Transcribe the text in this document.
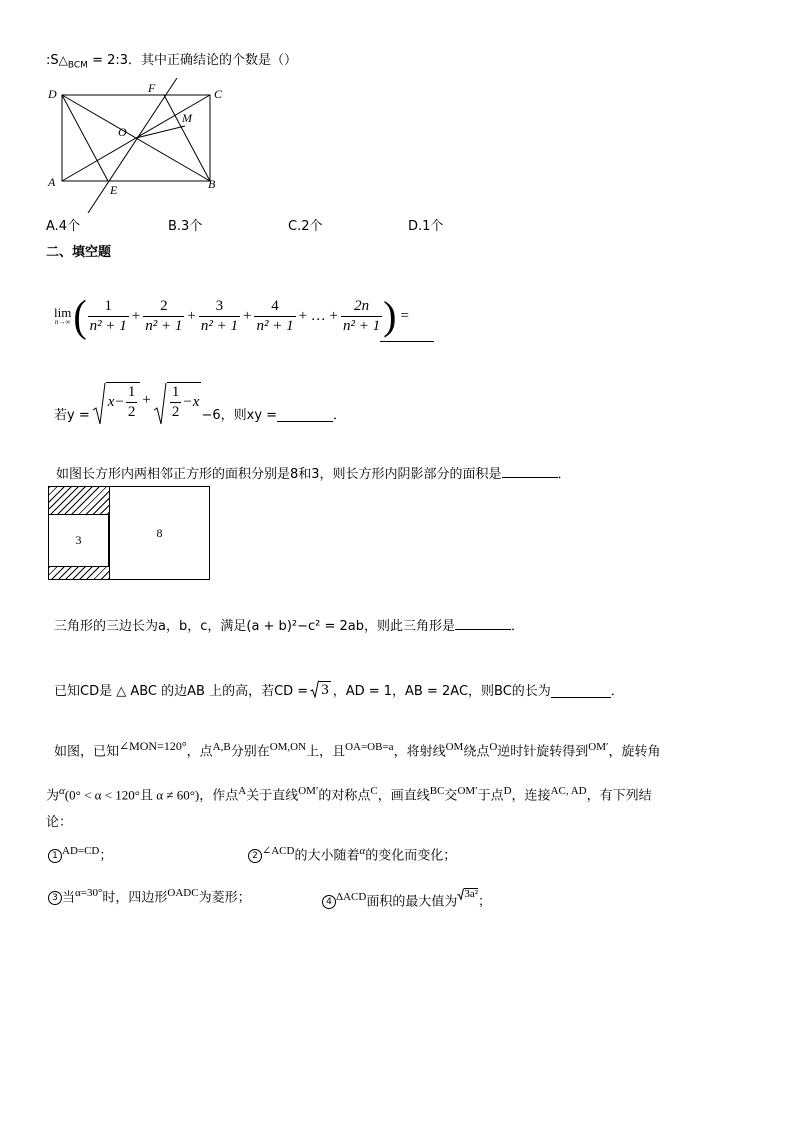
$:S\triangle_{BCM}$ = 2:3．其中正确结论的个数是（）
D	F	C
O
M
A
E	B
A.4个	B.3个	C.2个	D.1个
二、填空题
lim
n→∞ ( $\frac{1}{\text{n² + 1}} + \frac{2}{\text{n² + 1}} + \frac{3}{\text{n² + 1}} + \frac{4}{\text{n² + 1}}$ + … + $\frac{2n}{\text{n² + 1}}$ ) =
若y =
$x - \frac{1}{2} + \frac{1}{2} - x$
−6，则xy =	．
如图长方形内两相邻正方形的面积分别是8和3，则长方形内阴影部分的面积是	．
3
8
三角形的三边长为a，b，c，满足(a + b)²−c² = 2ab，则此三角形是	．
已知CD是 △ ABC 的边AB 上的高，若CD = 3 ，AD = 1，AB = 2AC，则BC的长为	．
如图，已知∠MON=120°，点$^{A,B}$分别在$^{OM,ON}$上，且$^{OA=OB=a}$，将射线$^{OM}$绕点$^O$逆时针旋转得到$^{OM'}$，旋转角
为$^\alpha$(0° < α < 120°且 α ≠ 60°)，作点$^A$关于直线$^{OM'}$的对称点$^C$，画直线$^{BC}$交$^{OM'}$于点$^D$，连接$^{AC, AD}$，有下列结
论：
1 $^{AD=CD}$；	2 $^{\angle ACD}$的大小随着$^\alpha$的变化而变化；
3 当$^{\alpha=30^\circ}$时，四边形$^{OADC}$为菱形；	4 $^{\Delta ACD}$面积的最大值为
3a²
；
